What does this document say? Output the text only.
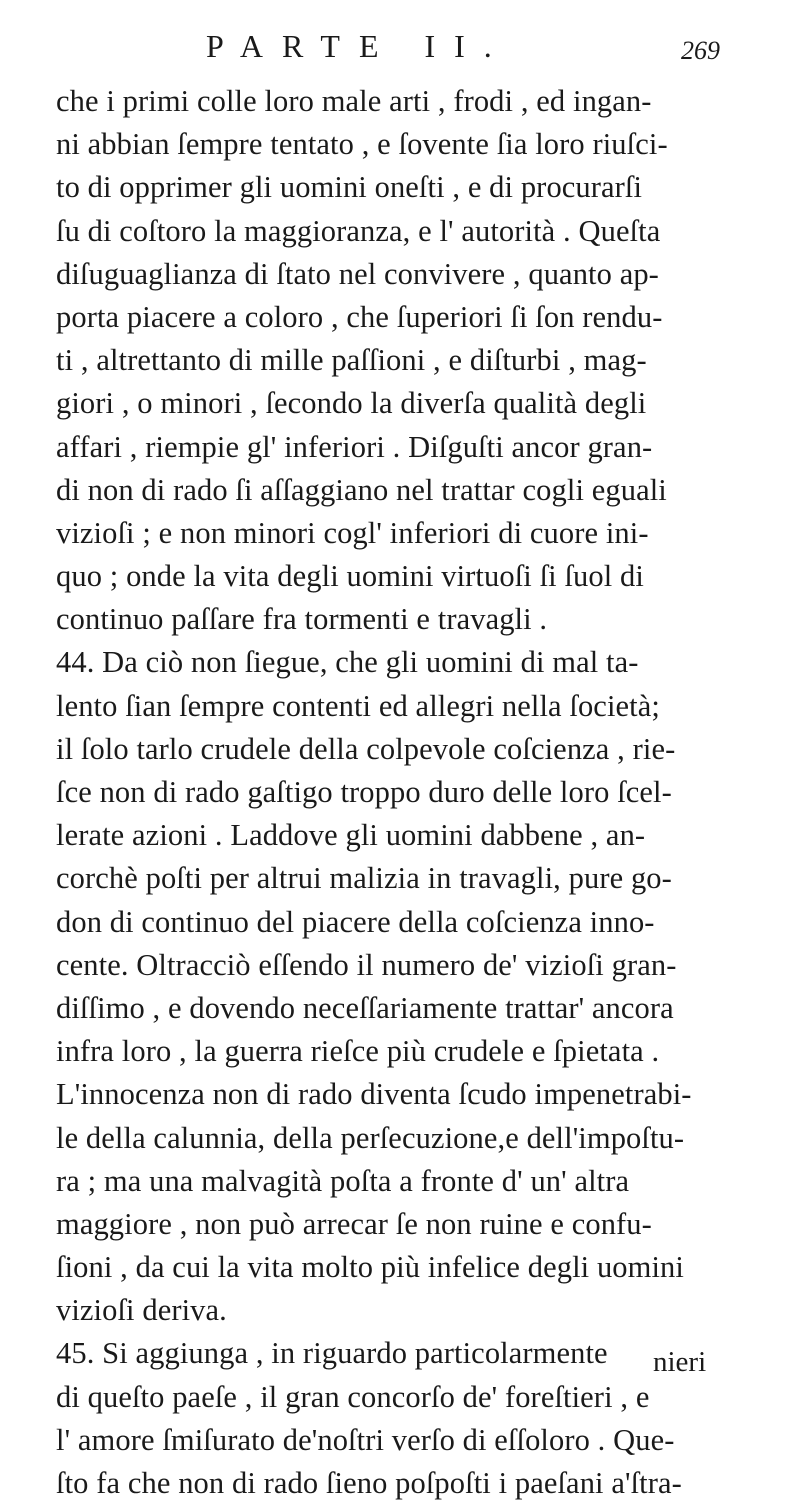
PARTE II.	269
che i primi colle loro male arti , frodi , ed ingan-
ni abbian ſempre tentato , e ſovente ſia loro riuſci-
to di opprimer gli uomini oneſti , e di procurarſi
ſu di coſtoro la maggioranza, e l' autorità . Queſta
diſuguaglianza di ſtato nel convivere , quanto ap-
porta piacere a coloro , che ſuperiori ſi ſon rendu-
ti , altrettanto di mille paſſioni , e diſturbi , mag-
giori , o minori , ſecondo la diverſa qualità degli
affari , riempie gl' inferiori . Diſguſti ancor gran-
di non di rado ſi aſſaggiano nel trattar cogli eguali
vizioſi ; e non minori cogl' inferiori di cuore ini-
quo ; onde la vita degli uomini virtuoſi ſi ſuol di
continuo paſſare fra tormenti e travagli .
44. Da ciò non ſiegue, che gli uomini di mal ta-
lento ſian ſempre contenti ed allegri nella ſocietà;
il ſolo tarlo crudele della colpevole coſcienza , rie-
ſce non di rado gaſtigo troppo duro delle loro ſcel-
lerate azioni . Laddove gli uomini dabbene , an-
corchè poſti per altrui malizia in travagli, pure go-
don di continuo del piacere della coſcienza inno-
cente. Oltracciò eſſendo il numero de' vizioſi gran-
diſſimo , e dovendo neceſſariamente trattar' ancora
infra loro , la guerra rieſce più crudele e ſpietata .
L'innocenza non di rado diventa ſcudo impenetrabi-
le della calunnia, della perſecuzione,e dell'impoſtu-
ra ; ma una malvagità poſta a fronte d' un' altra
maggiore , non può arrecar ſe non ruine e confu-
ſioni , da cui la vita molto più infelice degli uomini
vizioſi deriva.
45. Si aggiunga , in riguardo particolarmente
di queſto paeſe , il gran concorſo de' foreſtieri , e
l' amore ſmiſurato de'noſtri verſo di eſſoloro . Que-
ſto fa che non di rado ſieno poſpoſti i paeſani a'ſtra-
nieri
